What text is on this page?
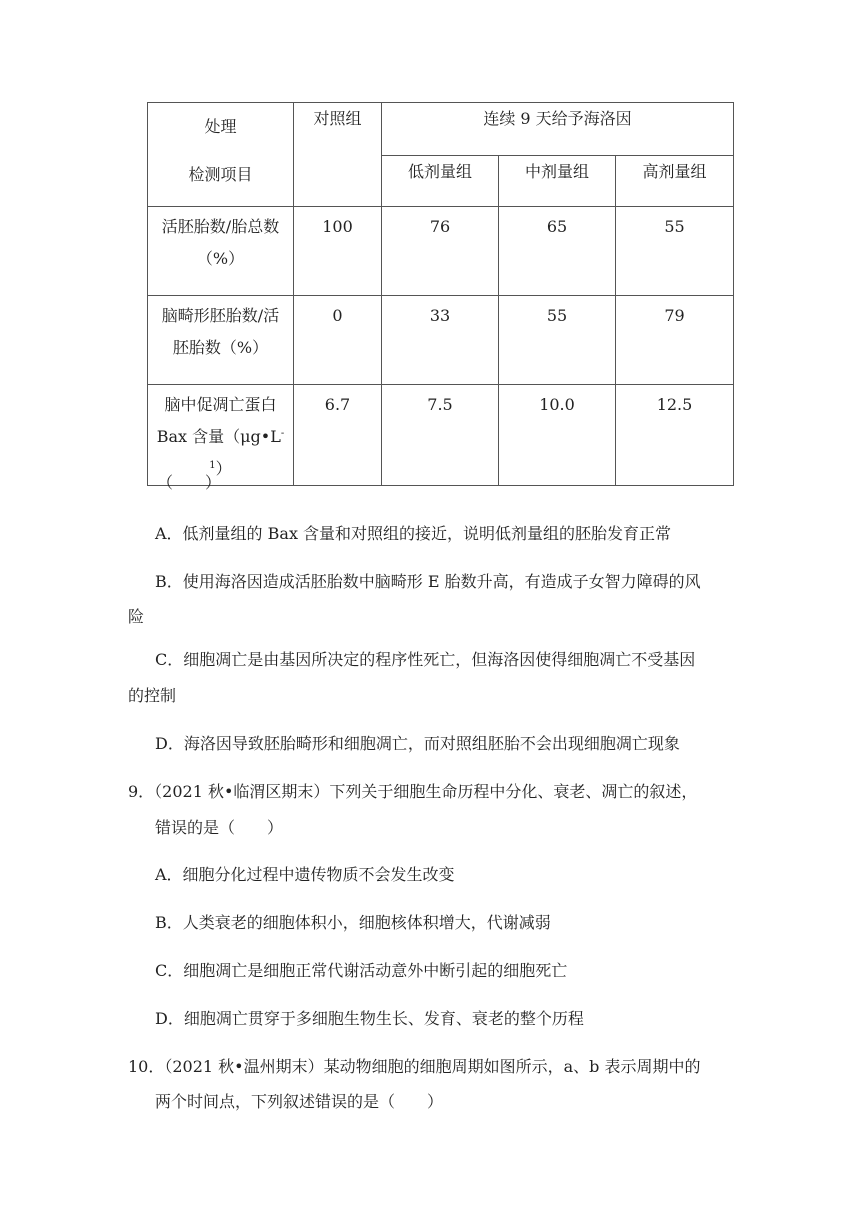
处理
检测项目	对照组	连续 9 天给予海洛因		
		低剂量组	中剂量组	高剂量组

活胚胎数/胎总数
（%）	100	76	65	55

脑畸形胚胎数/活
胚胎数（%）	0	33	55	79

脑中促凋亡蛋白
Bax 含量$(\mu g•L^{-1})$	6.7	7.5	10.0	12.5
（　　）
A．低剂量组的 Bax 含量和对照组的接近，说明低剂量组的胚胎发育正常
B．使用海洛因造成活胚胎数中脑畸形 E 胎数升高，有造成子女智力障碍的风
险
C．细胞凋亡是由基因所决定的程序性死亡，但海洛因使得细胞凋亡不受基因
的控制
D．海洛因导致胚胎畸形和细胞凋亡，而对照组胚胎不会出现细胞凋亡现象
9．（2021 秋•临渭区期末）下列关于细胞生命历程中分化、衰老、凋亡的叙述，
错误的是（　　）
A．细胞分化过程中遗传物质不会发生改变
B．人类衰老的细胞体积小，细胞核体积增大，代谢减弱
C．细胞凋亡是细胞正常代谢活动意外中断引起的细胞死亡
D．细胞凋亡贯穿于多细胞生物生长、发育、衰老的整个历程
10．（2021 秋•温州期末）某动物细胞的细胞周期如图所示，a、b 表示周期中的
两个时间点，下列叙述错误的是（　　）
